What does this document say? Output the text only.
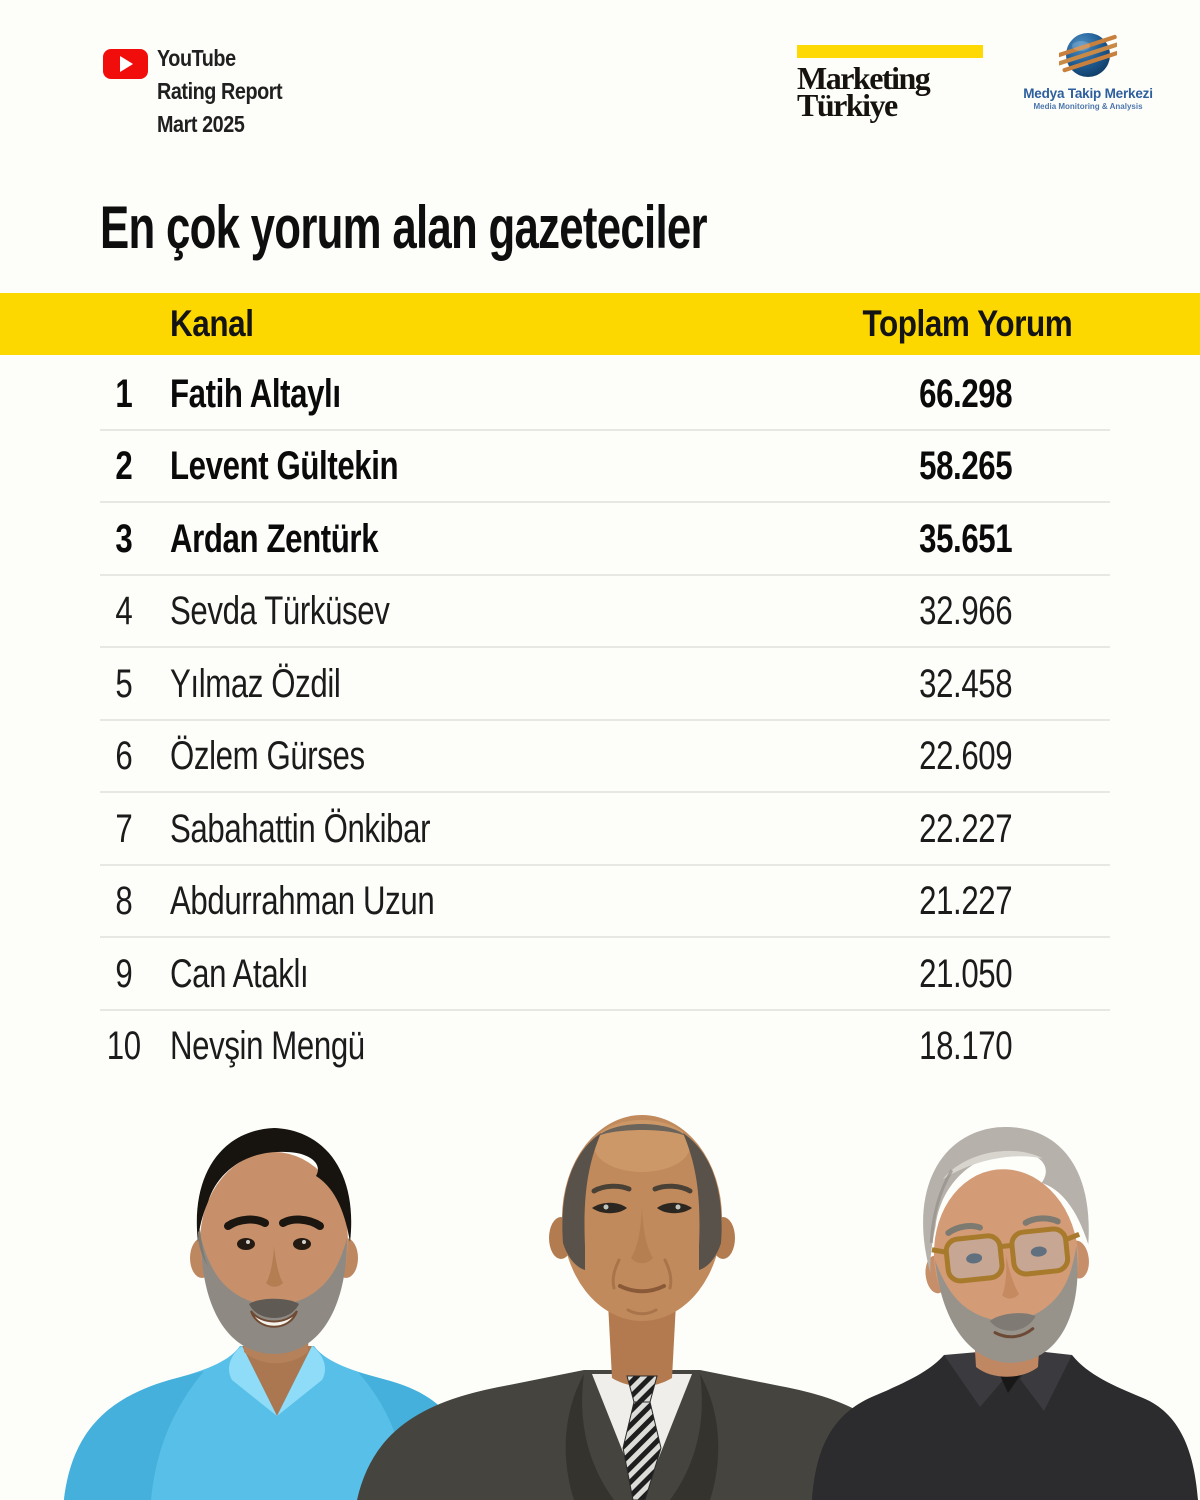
YouTube
Rating Report
Mart 2025
Marketing
Türkiye	Medya Takip Merkezi
Media Monitoring & Analysis
En çok yorum alan gazeteciler
Kanal	Toplam Yorum
1 Fatih Altaylı	66.298
2 Levent Gültekin	58.265
3 Ardan Zentürk	35.651
4 Sevda Türküsev	32.966
5 Yılmaz Özdil	32.458
6 Özlem Gürses	22.609
7 Sabahattin Önkibar	22.227
8 Abdurrahman Uzun	21.227
9 Can Ataklı	21.050
10 Nevşin Mengü	18.170
